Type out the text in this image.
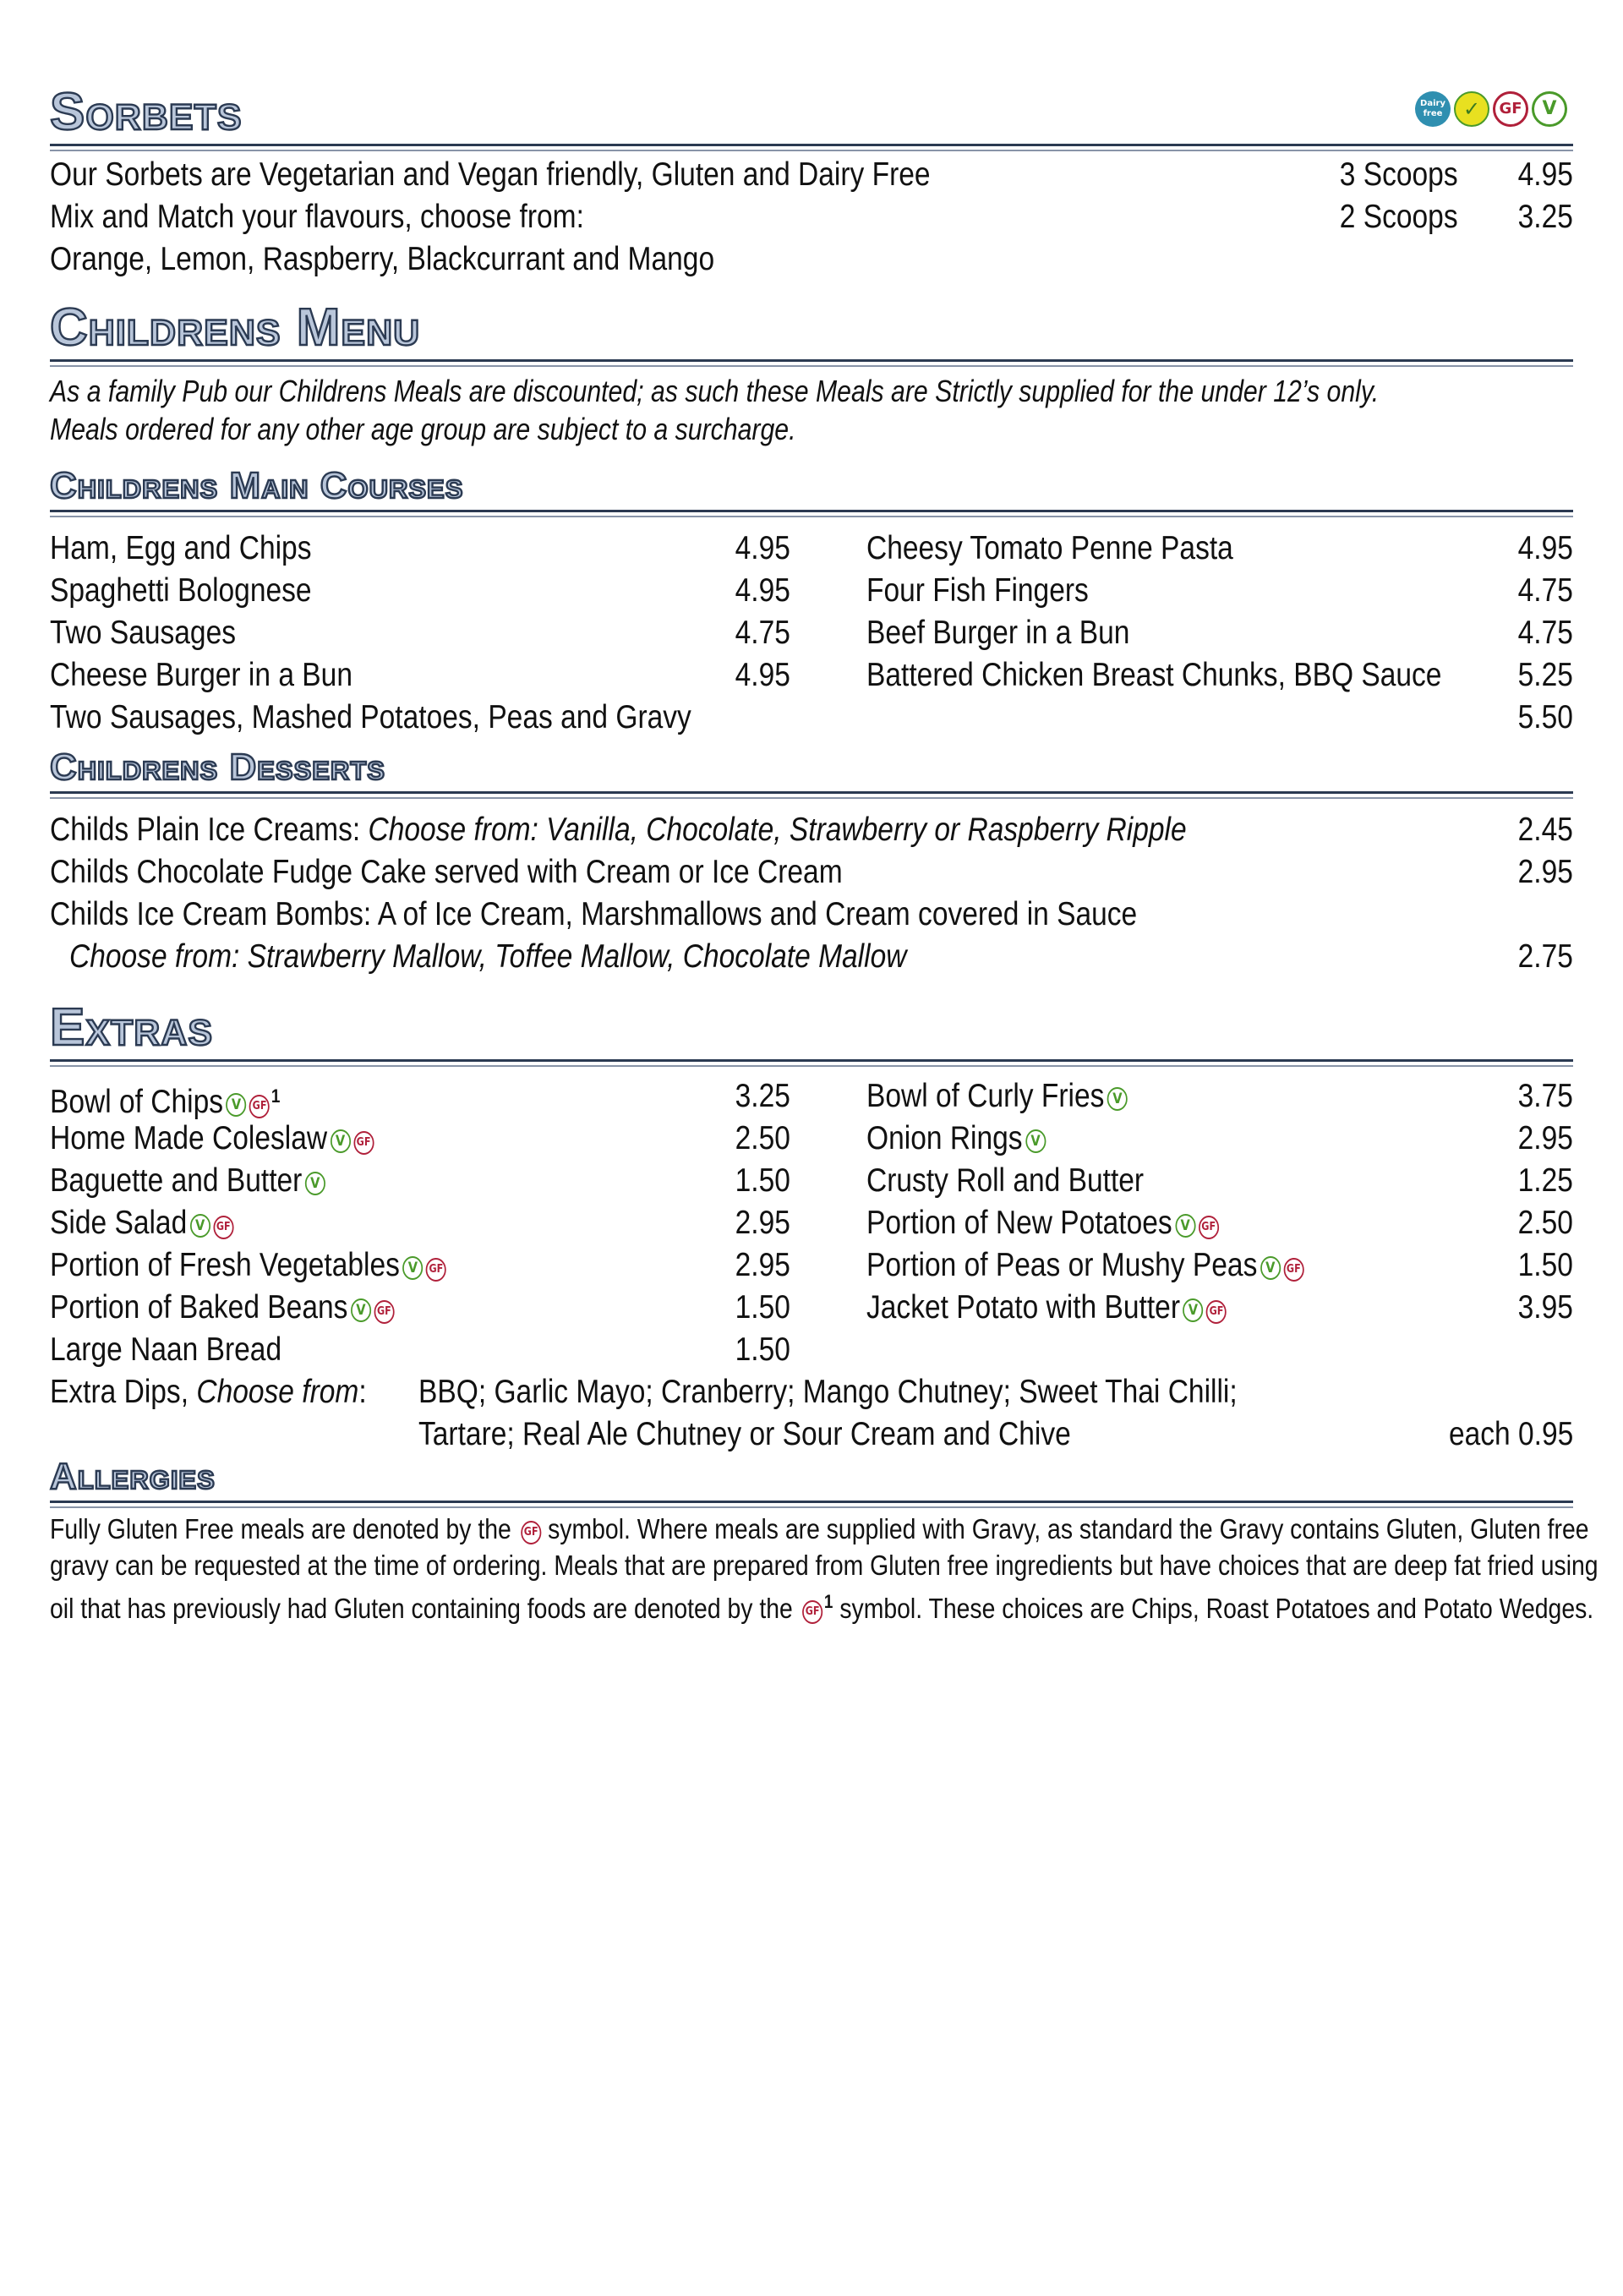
Sorbets	Dairy free	✓	GF	V
Our Sorbets are Vegetarian and Vegan friendly, Gluten and Dairy Free
Mix and Match your flavours, choose from:
Orange, Lemon, Raspberry, Blackcurrant and Mango
3 Scoops 4.95
2 Scoops 3.25
Childrens Menu
As a family Pub our Childrens Meals are discounted; as such these Meals are Strictly supplied for the under 12’s only.
Meals ordered for any other age group are subject to a surcharge.
Childrens Main Courses
Ham, Egg and Chips	4.95
Spaghetti Bolognese	4.95
Two Sausages	4.75
Cheese Burger in a Bun	4.95
Cheesy Tomato Penne Pasta	4.95
Four Fish Fingers	4.75
Beef Burger in a Bun	4.75
Battered Chicken Breast Chunks, BBQ Sauce 5.25
Two Sausages, Mashed Potatoes, Peas and Gravy	5.50
Childrens Desserts
Childs Plain Ice Creams: Choose from: Vanilla, Chocolate, Strawberry or Raspberry Ripple	2.45
Childs Chocolate Fudge Cake served with Cream or Ice Cream	2.95
Childs Ice Cream Bombs: A of Ice Cream, Marshmallows and Cream covered in Sauce
Choose from: Strawberry Mallow, Toffee Mallow, Chocolate Mallow	2.75
Extras
Extra Dips, Choose from: BBQ; Garlic Mayo; Cranberry; Mango Chutney; Sweet Thai Chilli;
Tartare; Real Ale Chutney or Sour Cream and Chive	each 0.95
Allergies
Fully Gluten Free meals are denoted by the GF symbol. Where meals are supplied with Gravy, as standard the Gravy contains Gluten, Gluten free gravy can be requested at the time of ordering. Meals that are prepared from Gluten free ingredients but have choices that are deep fat fried using oil that has previously had Gluten containing foods are denoted by the GF $^1$ symbol. These choices are Chips, Roast Potatoes and Potato Wedges.
Bowl of Chips V GF $^1$	3.25
Home Made Coleslaw V GF	2.50
Baguette and Butter V	1.50
Side Salad V GF	2.95
Portion of Fresh Vegetables V GF	2.95
Portion of Baked Beans V GF	1.50
Large Naan Bread	1.50
Bowl of Curly Fries V	3.75
Onion Rings V	2.95
Crusty Roll and Butter	1.25
Portion of New Potatoes V GF	2.50
Portion of Peas or Mushy Peas V GF	1.50
Jacket Potato with Butter V GF	3.95
